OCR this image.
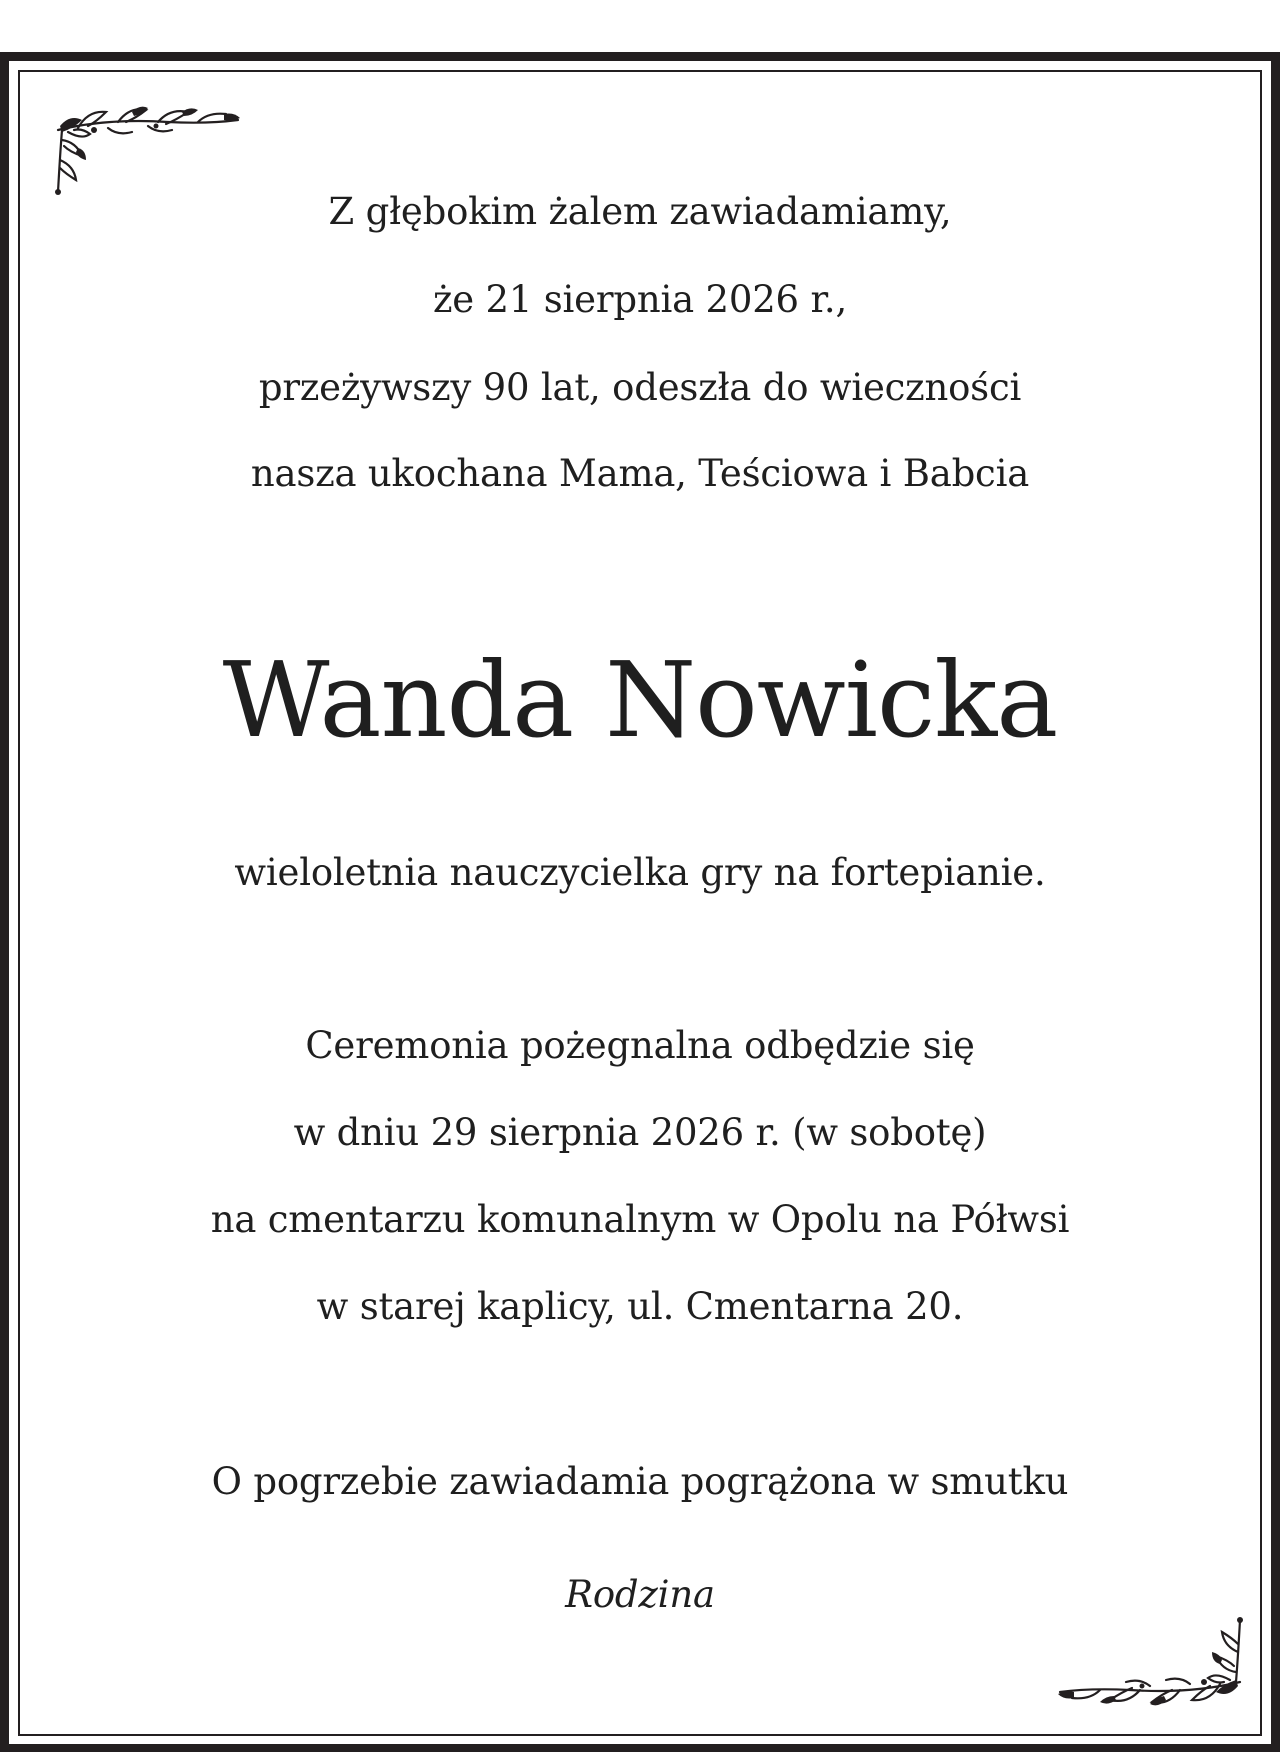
Z głębokim żalem zawiadamiamy,
że 21 sierpnia 2026 r.,
przeżywszy 90 lat, odeszła do wieczności
nasza ukochana Mama, Teściowa i Babcia
Wanda Nowicka
wieloletnia nauczycielka gry na fortepianie.
Ceremonia pożegnalna odbędzie się
w dniu 29 sierpnia 2026 r. (w sobotę)
na cmentarzu komunalnym w Opolu na Półwsi
w starej kaplicy, ul. Cmentarna 20.
O pogrzebie zawiadamia pogrążona w smutku
Rodzina
